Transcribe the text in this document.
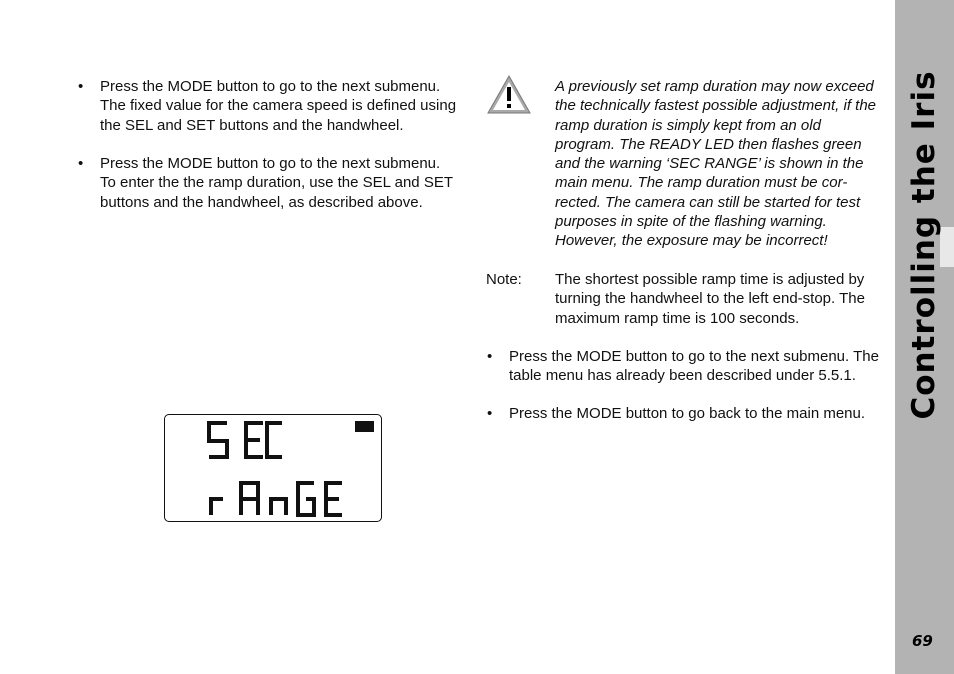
Controlling the Iris
69
• Press the MODE button to go to the next submenu.
The fixed value for the camera speed is defined using
the SEL and SET buttons and the handwheel.
• Press the MODE button to go to the next submenu.
To enter the the ramp duration, use the SEL and SET
buttons and the handwheel, as described above.
A previously set ramp duration may now exceed
the technically fastest possible adjustment, if the
ramp duration is simply kept from an old
program. The READY LED then flashes green
and the warning ‘SEC RANGE’ is shown in the
main menu. The ramp duration must be cor-
rected. The camera can still be started for test
purposes in spite of the flashing warning.
However, the exposure may be incorrect!
Note: The shortest possible ramp time is adjusted by
turning the handwheel to the left end-stop. The
maximum ramp time is 100 seconds.
• Press the MODE button to go to the next submenu. The
table menu has already been described under 5.5.1.
• Press the MODE button to go back to the main menu.
